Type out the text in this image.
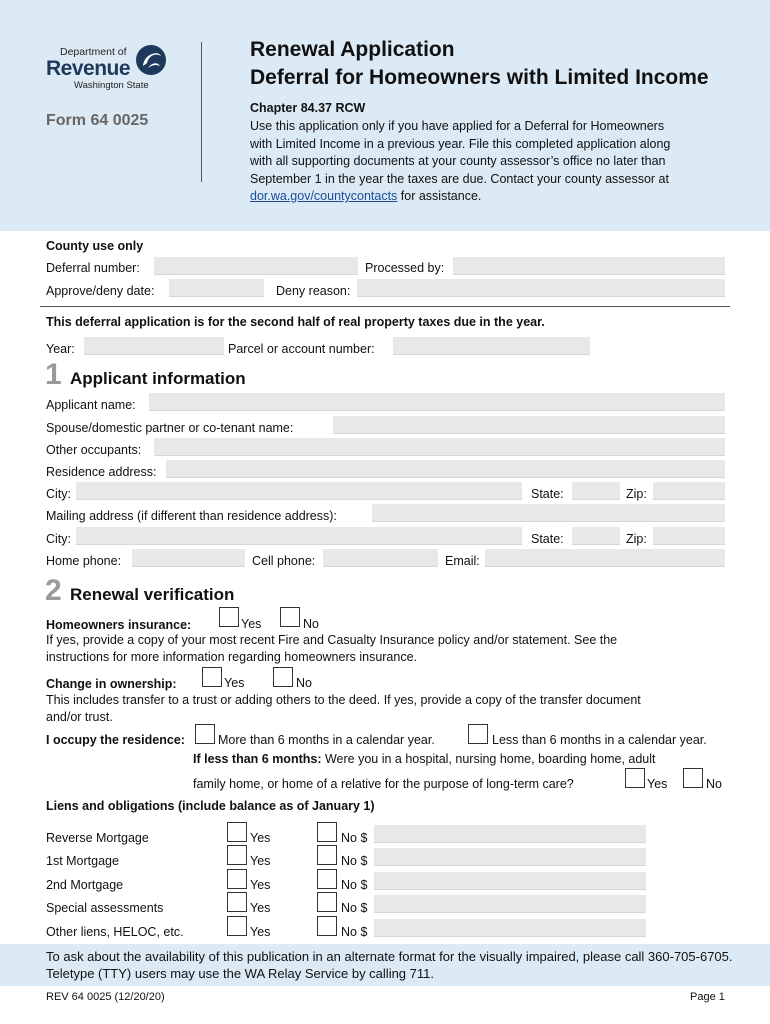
Department of
Revenue
Washington State
Form 64 0025
Renewal Application
Deferral for Homeowners with Limited Income
Chapter 84.37 RCW
Use this application only if you have applied for a Deferral for Homeowners with Limited Income in a previous year. File this completed application along with all supporting documents at your county assessor’s office no later than September 1 in the year the taxes are due. Contact your county assessor at dor.wa.gov/countycontacts for assistance.
County use only
Deferral number:	Processed by:
Approve/deny date:	Deny reason:
This deferral application is for the second half of real property taxes due in the year.
Year:	Parcel or account number:
1 Applicant information
Applicant name:
Spouse/domestic partner or co-tenant name:
Other occupants:
Residence address:
City:	State:	Zip:
Mailing address (if different than residence address):
City:	State:	Zip:
Home phone:	Cell phone:	Email:
2 Renewal verification
Homeowners insurance:	Yes	No
If yes, provide a copy of your most recent Fire and Casualty Insurance policy and/or statement. See the
instructions for more information regarding homeowners insurance.
Change in ownership:	Yes	No
This includes transfer to a trust or adding others to the deed. If yes, provide a copy of the transfer document
and/or trust.
I occupy the residence:	More than 6 months in a calendar year.	Less than 6 months in a calendar year.
If less than 6 months: Were you in a hospital, nursing home, boarding home, adult
family home, or home of a relative for the purpose of long-term care?	Yes	No
Liens and obligations (include balance as of January 1)
Reverse Mortgage	Yes	No $
1st Mortgage	Yes	No $
2nd Mortgage	Yes	No $
Special assessments	Yes	No $
Other liens, HELOC, etc.	Yes	No $
To ask about the availability of this publication in an alternate format for the visually impaired, please call 360-705-6705. Teletype (TTY) users may use the WA Relay Service by calling 711.
REV 64 0025 (12/20/20)	Page 1
